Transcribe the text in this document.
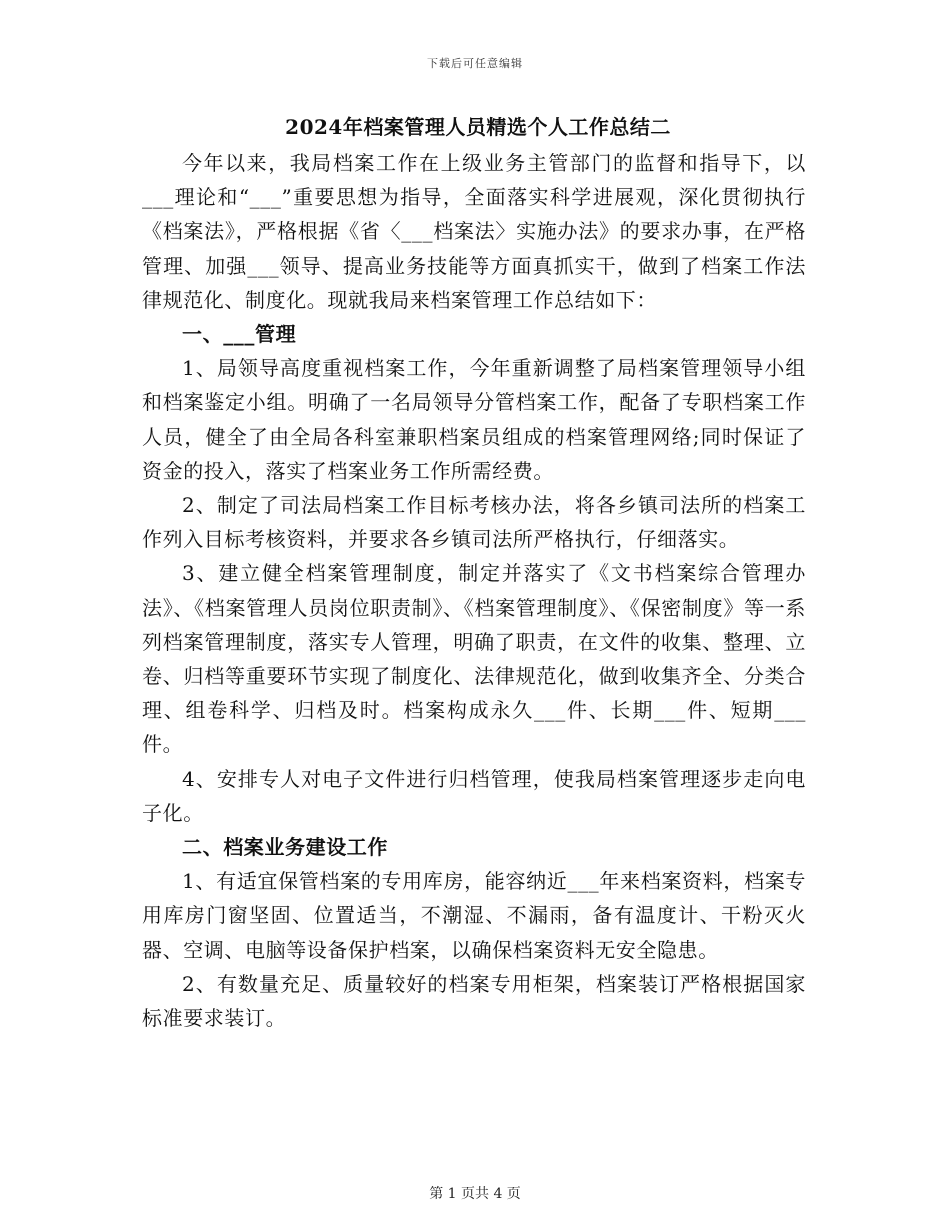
下载后可任意编辑
2024年档案管理人员精选个人工作总结二

今年以来，我局档案工作在上级业务主管部门的监督和指导下，以___理论和“___”重要思想为指导，全面落实科学进展观，深化贯彻执行《档案法》，严格根据《省〈___档案法〉实施办法》的要求办事，在严格管理、加强___领导、提高业务技能等方面真抓实干，做到了档案工作法律规范化、制度化。现就我局来档案管理工作总结如下：

一、___管理

1、局领导高度重视档案工作，今年重新调整了局档案管理领导小组和档案鉴定小组。明确了一名局领导分管档案工作，配备了专职档案工作人员，健全了由全局各科室兼职档案员组成的档案管理网络;同时保证了资金的投入，落实了档案业务工作所需经费。

2、制定了司法局档案工作目标考核办法，将各乡镇司法所的档案工作列入目标考核资料，并要求各乡镇司法所严格执行，仔细落实。

3、建立健全档案管理制度，制定并落实了《文书档案综合管理办法》、《档案管理人员岗位职责制》、《档案管理制度》、《保密制度》等一系列档案管理制度，落实专人管理，明确了职责，在文件的收集、整理、立卷、归档等重要环节实现了制度化、法律规范化，做到收集齐全、分类合理、组卷科学、归档及时。档案构成永久___件、长期___件、短期___件。

4、安排专人对电子文件进行归档管理，使我局档案管理逐步走向电子化。

二、档案业务建设工作

1、有适宜保管档案的专用库房，能容纳近___年来档案资料，档案专用库房门窗坚固、位置适当，不潮湿、不漏雨，备有温度计、干粉灭火器、空调、电脑等设备保护档案，以确保档案资料无安全隐患。

2、有数量充足、质量较好的档案专用柜架，档案装订严格根据国家标准要求装订。

第 1 页共 4 页
